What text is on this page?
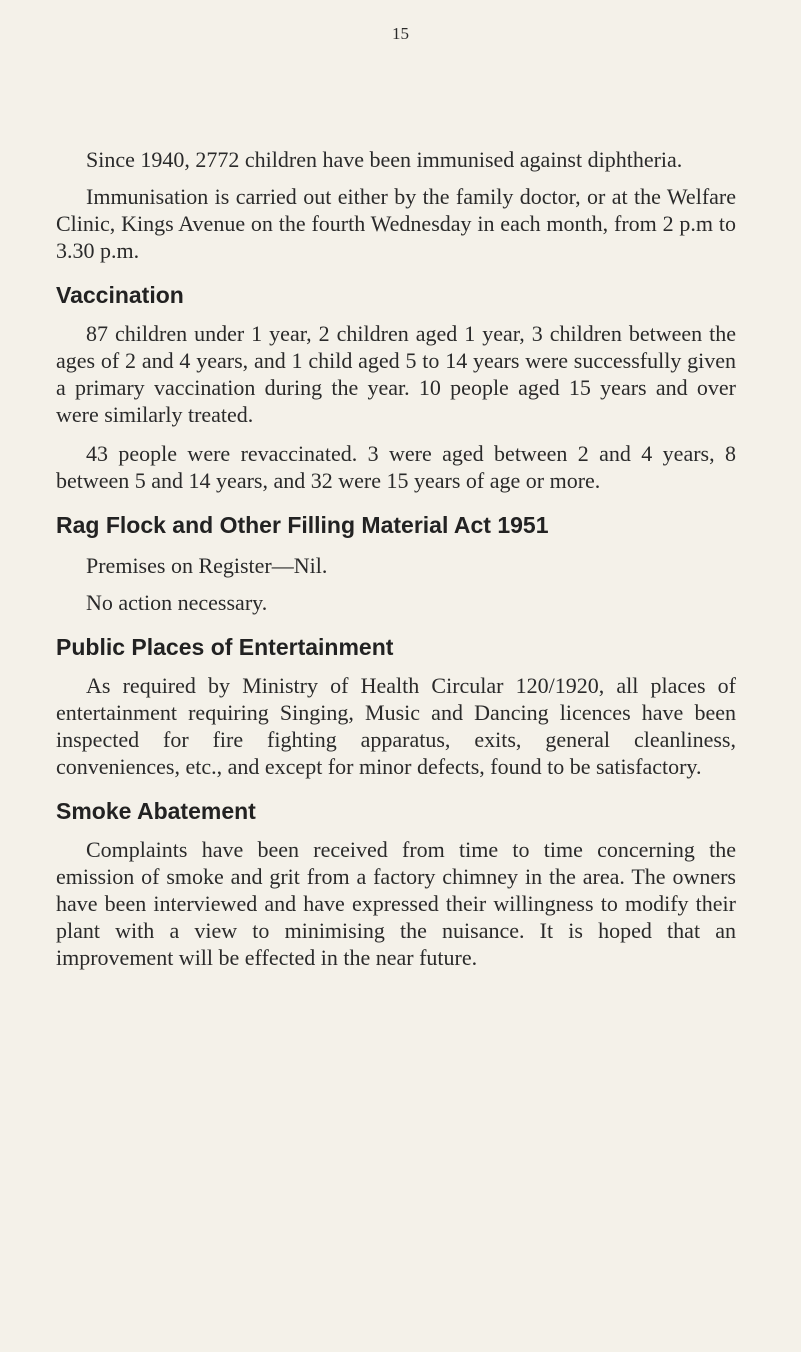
15

Since 1940, 2772 children have been immunised against diphtheria.

Immunisation is carried out either by the family doctor, or at the Welfare Clinic, Kings Avenue on the fourth Wednesday in each month, from 2 p.m to 3.30 p.m.

Vaccination

87 children under 1 year, 2 children aged 1 year, 3 children between the ages of 2 and 4 years, and 1 child aged 5 to 14 years were successfully given a primary vaccination during the year. 10 people aged 15 years and over were similarly treated.

43 people were revaccinated. 3 were aged between 2 and 4 years, 8 between 5 and 14 years, and 32 were 15 years of age or more.

Rag Flock and Other Filling Material Act 1951

Premises on Register—Nil.

No action necessary.

Public Places of Entertainment

As required by Ministry of Health Circular 120/1920, all places of entertainment requiring Singing, Music and Dancing licences have been inspected for fire fighting apparatus, exits, general cleanliness, conveniences, etc., and except for minor defects, found to be satisfactory.

Smoke Abatement

Complaints have been received from time to time concerning the emission of smoke and grit from a factory chimney in the area. The owners have been interviewed and have expressed their willingness to modify their plant with a view to minimising the nuisance. It is hoped that an improvement will be effected in the near future.
